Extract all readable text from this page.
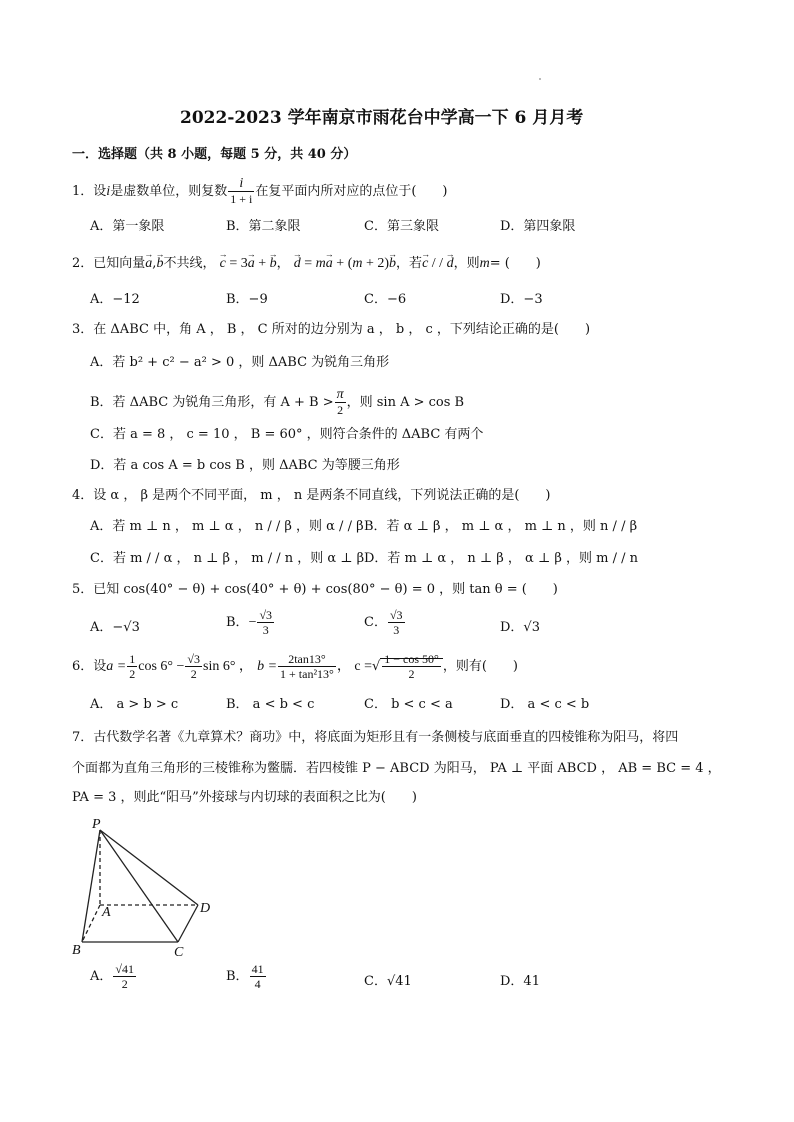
2022-2023 学年南京市雨花台中学高一下 6 月月考
一．选择题（共 8 小题，每题 5 分，共 40 分）
1．设i是虚数单位，则复数 $\frac{i}{1 + i}$ 在复平面内所对应的点位于(　　)
A．第一象限	B．第二象限	C．第三象限	D．第四象限
2．已知向量→ a,→ b不共线， → c = 3→ a + → b， → d = m→ a + (m + 2)→ b，若→ c / / → d，则m= (　　)
A．−12	B．−9	C．−6	D．−3
3．在 ΔABC 中，角 A ， B ， C 所对的边分别为 a ， b ， c ，下列结论正确的是(　　)
A．若 b² + c² − a² > 0 ，则 ΔABC 为锐角三角形
B．若 ΔABC 为锐角三角形，有 $A + B > \frac{\pi}{2}$ ，则 sin A > cos B
C．若 a = 8 ， c = 10 ， B = 60° ，则符合条件的 ΔABC 有两个
D．若 a cos A = b cos B ，则 ΔABC 为等腰三角形
4．设 α ， β 是两个不同平面， m ， n 是两条不同直线，下列说法正确的是(　　)
A．若 m ⊥ n ， m ⊥ α ， n / / β ，则 α / / β B．若 α ⊥ β ， m ⊥ α ， m ⊥ n ，则 n / / β
C．若 m / / α ， n ⊥ β ， m / / n ，则 α ⊥ β D．若 m ⊥ α ， n ⊥ β ， α ⊥ β ，则 m / / n
5．已知 cos(40° − θ) + cos(40° + θ) + cos(80° − θ) = 0 ，则 tan θ = (　　)
A．−√3	B．− $\frac{√3}{3}$	C． $\frac{√3}{3}$	D．√3
6．设$a = \frac{1}{2}$ $\cos 6^\circ - \frac{√3}{2}$ sin 6° ， $b = \frac{2\tan 13^\circ}{\text{1 + tan²13°}}$ ， c =√ $\frac{1 - \cos 50^\circ}{2}$ ，则有(　　)
A． a > b > c	B． a < b < c	C． b < c < a	D． a < c < b
7．古代数学名著《九章算术？商功》中，将底面为矩形且有一条侧棱与底面垂直的四棱锥称为阳马，将四
个面都为直角三角形的三棱锥称为鳖臑．若四棱锥 P − ABCD 为阳马， PA ⊥ 平面 ABCD ， AB = BC = 4 ，
PA = 3 ，则此“阳马”外接球与内切球的表面积之比为(　　)
P
A
B	C
D
A． $\frac{√41}{2}$	B． $\frac{41}{4}$	C．√41	D．41
